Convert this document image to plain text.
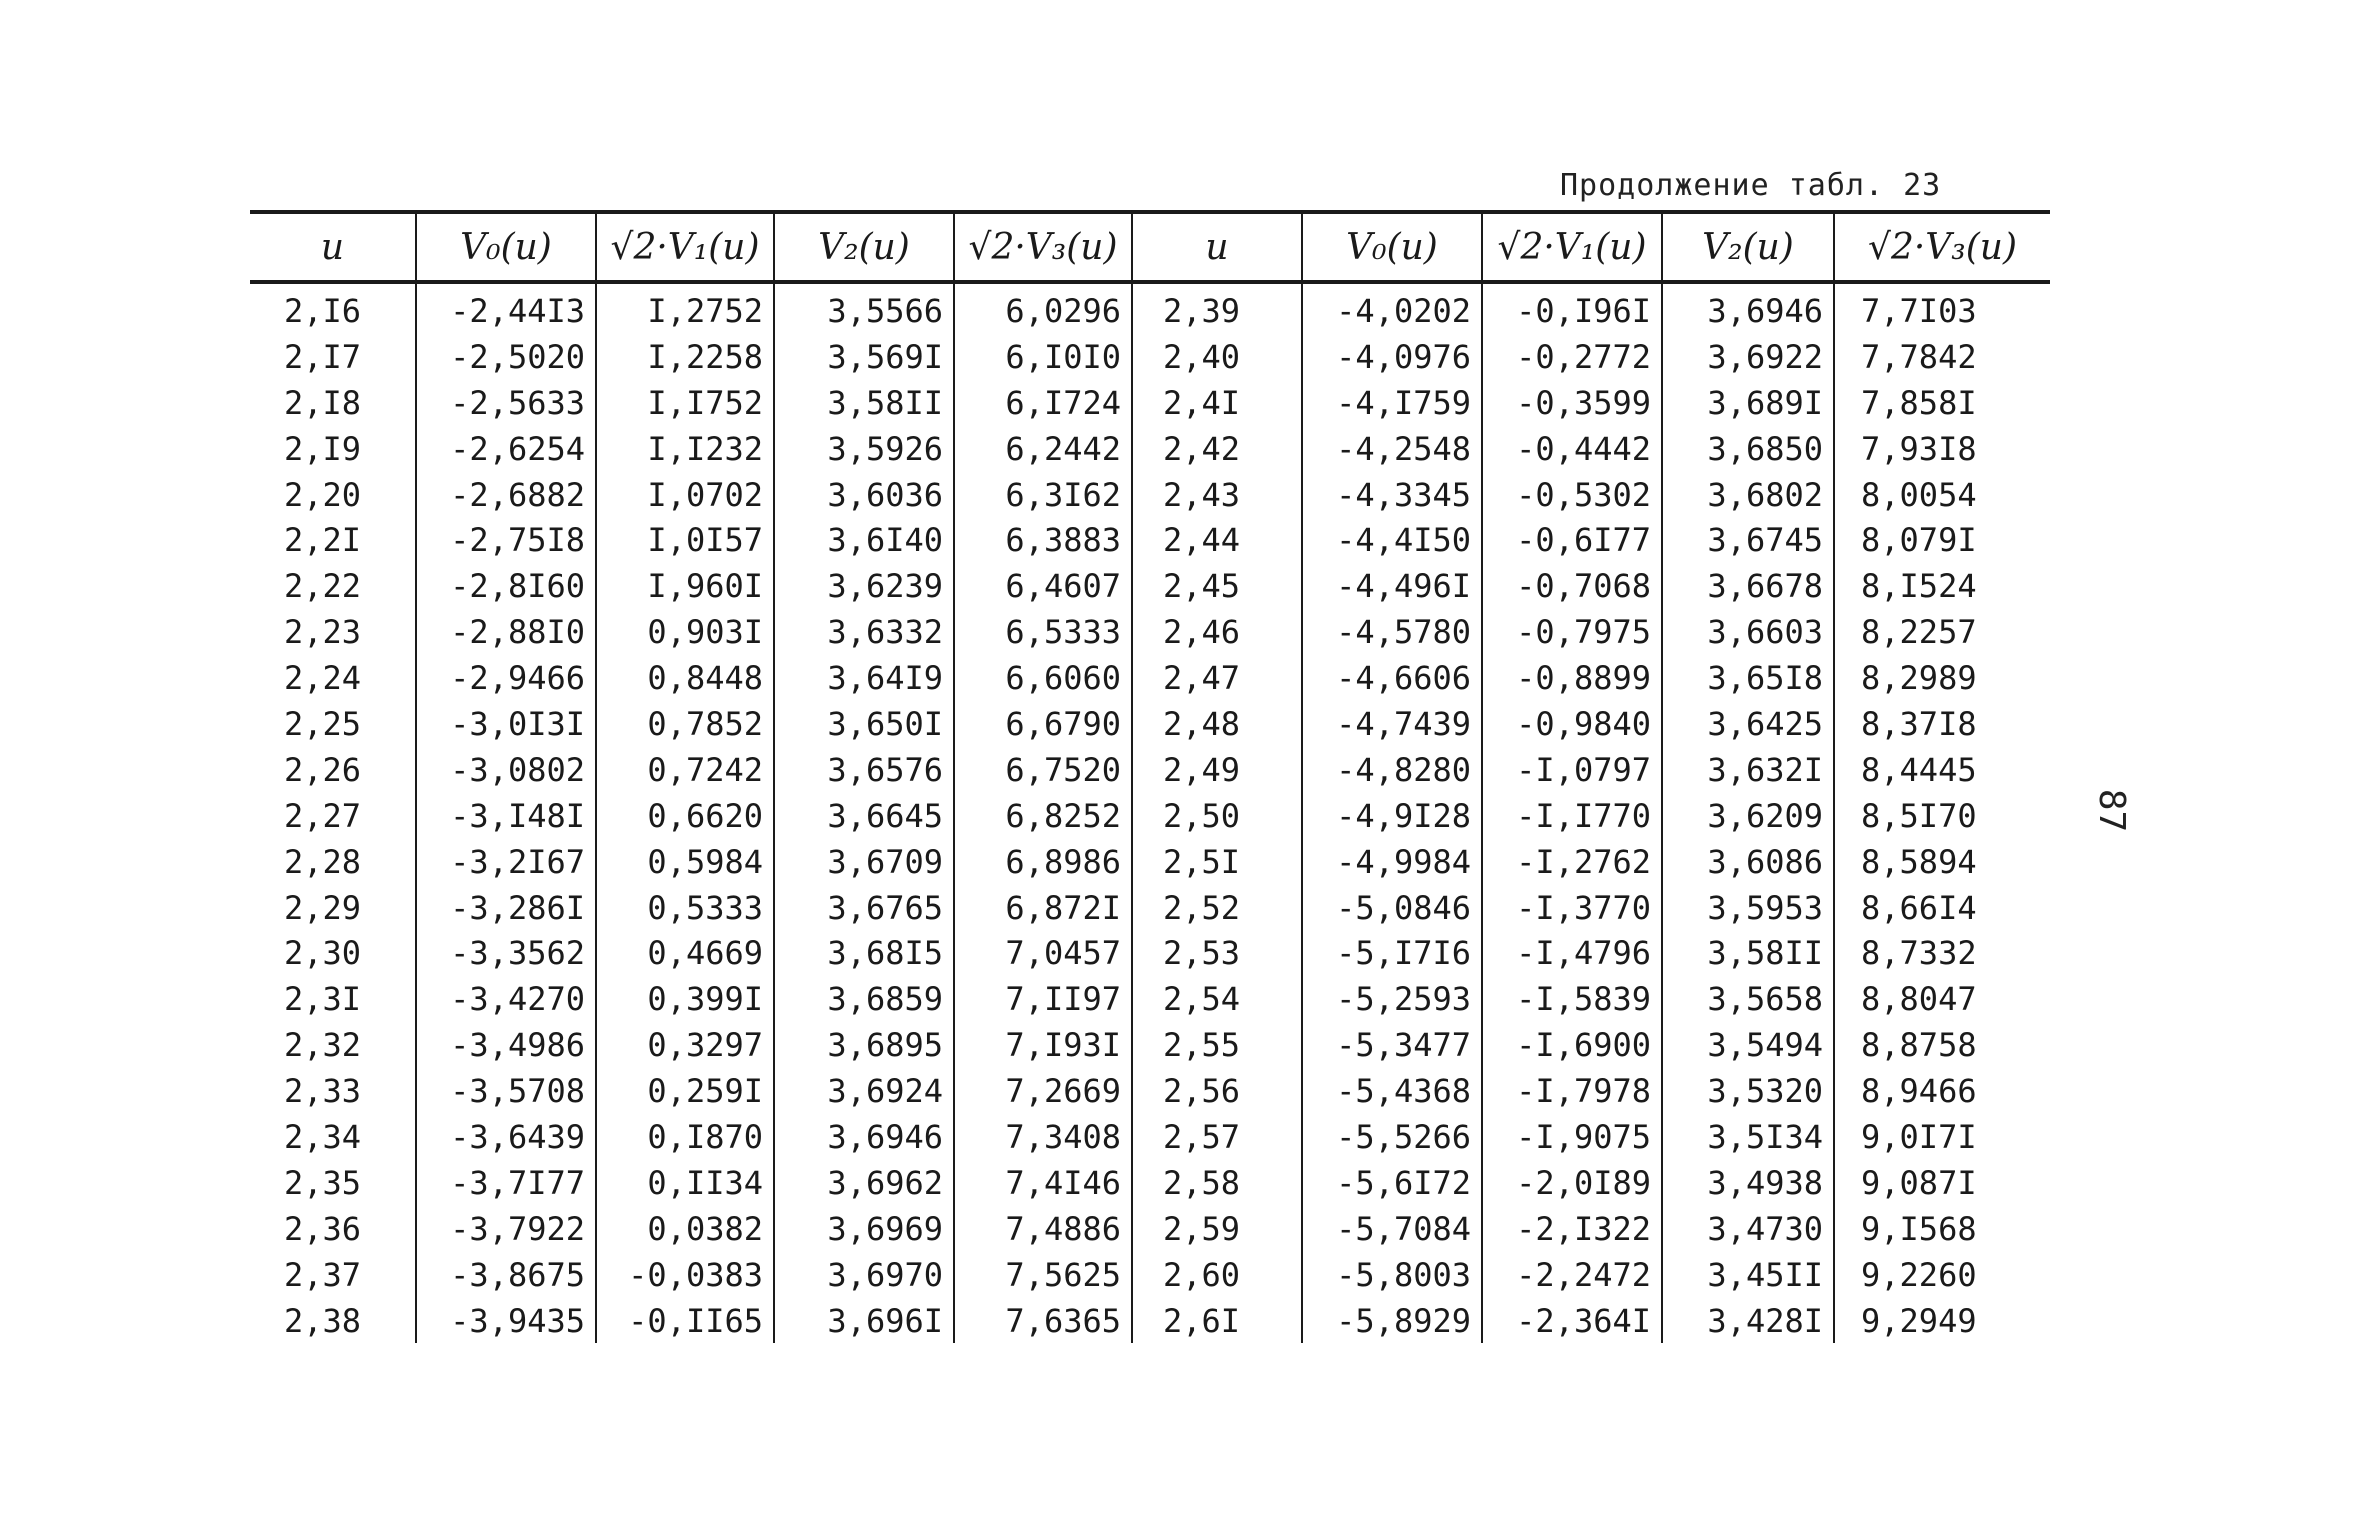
Продолжение табл. 23
u	V₀(u)	√2·V₁(u)	V₂(u)	√2·V₃(u)	u	V₀(u)	√2·V₁(u)	V₂(u)	√2·V₃(u)
2,I6	-2,44I3	I,2752	3,5566	6,0296	2,39	-4,0202	-0,I96I	3,6946	7,7I03
2,I7	-2,5020	I,2258	3,569I	6,I0I0	2,40	-4,0976	-0,2772	3,6922	7,7842
2,I8	-2,5633	I,I752	3,58II	6,I724	2,4I	-4,I759	-0,3599	3,689I	7,858I
2,I9	-2,6254	I,I232	3,5926	6,2442	2,42	-4,2548	-0,4442	3,6850	7,93I8
2,20	-2,6882	I,0702	3,6036	6,3I62	2,43	-4,3345	-0,5302	3,6802	8,0054
2,2I	-2,75I8	I,0I57	3,6I40	6,3883	2,44	-4,4I50	-0,6I77	3,6745	8,079I
2,22	-2,8I60	I,960I	3,6239	6,4607	2,45	-4,496I	-0,7068	3,6678	8,I524
2,23	-2,88I0	0,903I	3,6332	6,5333	2,46	-4,5780	-0,7975	3,6603	8,2257
2,24	-2,9466	0,8448	3,64I9	6,6060	2,47	-4,6606	-0,8899	3,65I8	8,2989
2,25	-3,0I3I	0,7852	3,650I	6,6790	2,48	-4,7439	-0,9840	3,6425	8,37I8
2,26	-3,0802	0,7242	3,6576	6,7520	2,49	-4,8280	-I,0797	3,632I	8,4445
2,27	-3,I48I	0,6620	3,6645	6,8252	2,50	-4,9I28	-I,I770	3,6209	8,5I70
2,28	-3,2I67	0,5984	3,6709	6,8986	2,5I	-4,9984	-I,2762	3,6086	8,5894
2,29	-3,286I	0,5333	3,6765	6,872I	2,52	-5,0846	-I,3770	3,5953	8,66I4
2,30	-3,3562	0,4669	3,68I5	7,0457	2,53	-5,I7I6	-I,4796	3,58II	8,7332
2,3I	-3,4270	0,399I	3,6859	7,II97	2,54	-5,2593	-I,5839	3,5658	8,8047
2,32	-3,4986	0,3297	3,6895	7,I93I	2,55	-5,3477	-I,6900	3,5494	8,8758
2,33	-3,5708	0,259I	3,6924	7,2669	2,56	-5,4368	-I,7978	3,5320	8,9466
2,34	-3,6439	0,I870	3,6946	7,3408	2,57	-5,5266	-I,9075	3,5I34	9,0I7I
2,35	-3,7I77	0,II34	3,6962	7,4I46	2,58	-5,6I72	-2,0I89	3,4938	9,087I
2,36	-3,7922	0,0382	3,6969	7,4886	2,59	-5,7084	-2,I322	3,4730	9,I568
2,37	-3,8675	-0,0383	3,6970	7,5625	2,60	-5,8003	-2,2472	3,45II	9,2260
2,38	-3,9435	-0,II65	3,696I	7,6365	2,6I	-5,8929	-2,364I	3,428I	9,2949
87
